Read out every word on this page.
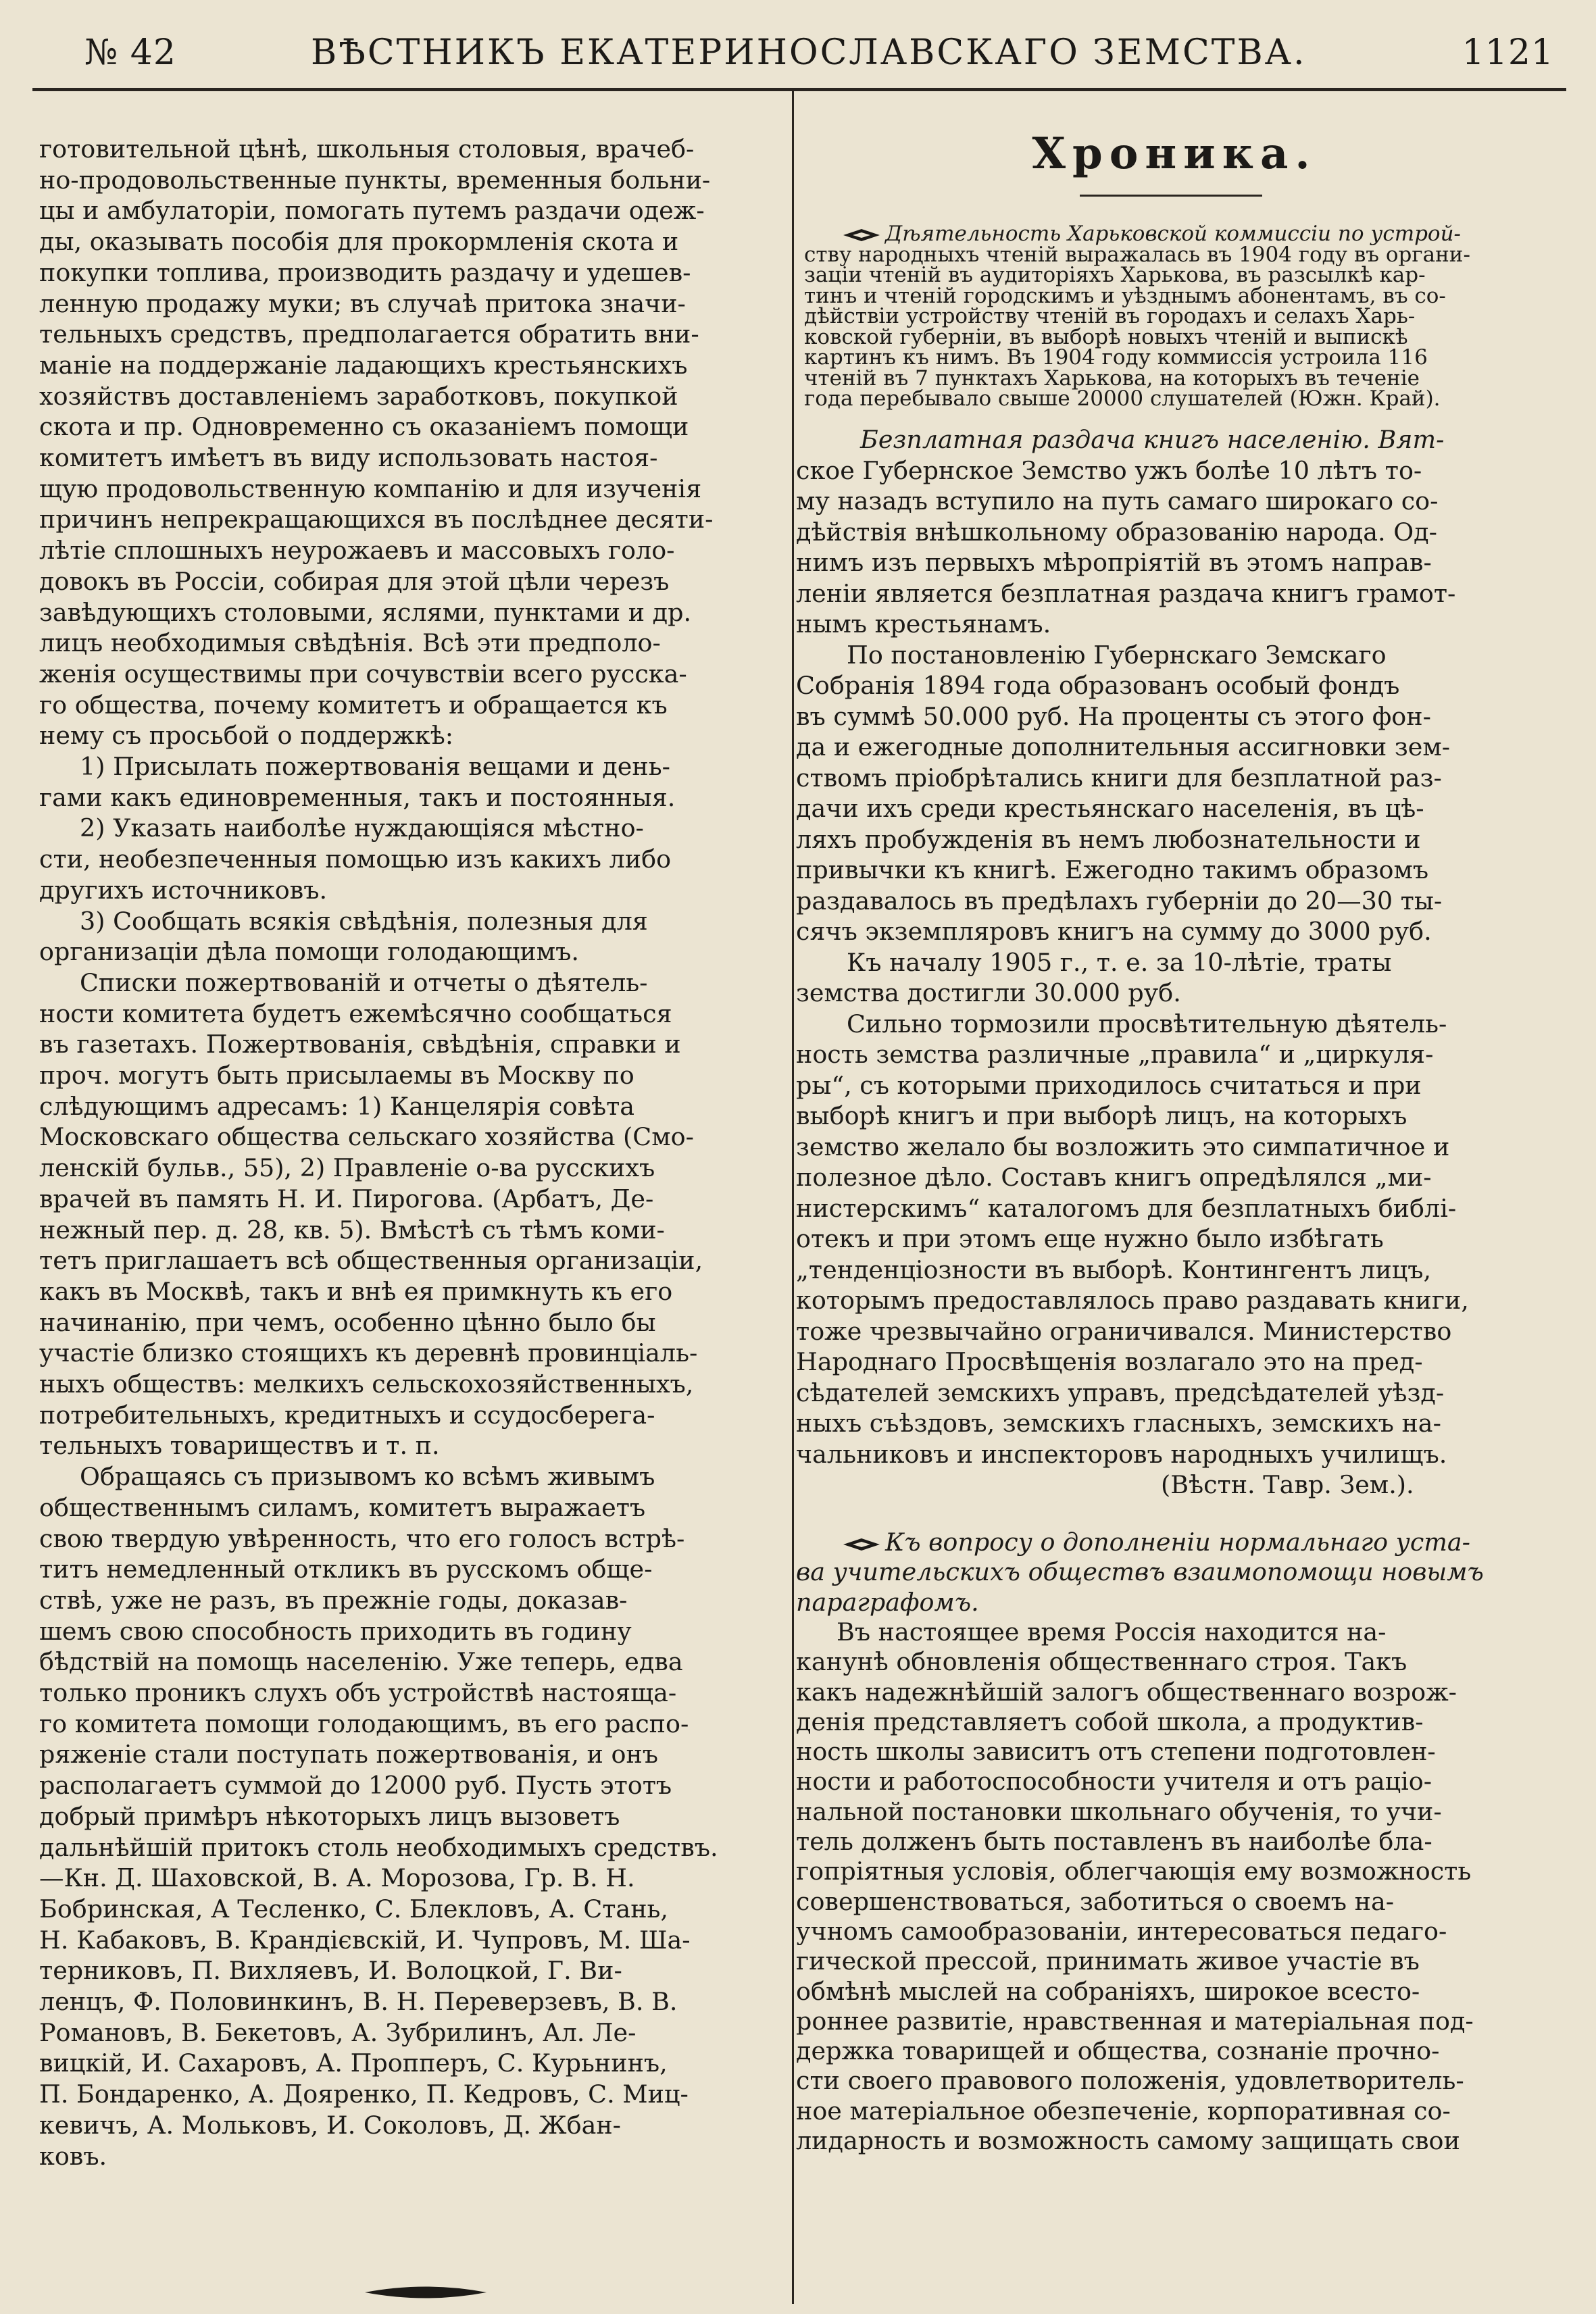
№ 42	ВѢСТНИКЪ ЕКАТЕРИНОСЛАВСКАГО ЗЕМСТВА.	1121
готовительной цѣнѣ, школьныя столовыя, врачеб-
но-продовольственные пункты, временныя больни-
цы и амбулаторіи, помогать путемъ раздачи одеж-
ды, оказывать пособія для прокормленія скота и
покупки топлива, производить раздачу и удешев-
ленную продажу муки; въ случаѣ притока значи-
тельныхъ средствъ, предполагается обратить вни-
маніе на поддержаніе ладающихъ крестьянскихъ
хозяйствъ доставленіемъ заработковъ, покупкой
скота и пр. Одновременно съ оказаніемъ помощи
комитетъ имѣетъ въ виду использовать настоя-
щую продовольственную компанію и для изученія
причинъ непрекращающихся въ послѣднее десяти-
лѣтіе сплошныхъ неурожаевъ и массовыхъ голо-
довокъ въ Россіи, собирая для этой цѣли черезъ
завѣдующихъ столовыми, яслями, пунктами и др.
лицъ необходимыя свѣдѣнія. Всѣ эти предполо-
женія осуществимы при сочувствіи всего русска-
го общества, почему комитетъ и обращается къ
нему съ просьбой о поддержкѣ:
1) Присылать пожертвованія вещами и день-
гами какъ единовременныя, такъ и постоянныя.
2) Указать наиболѣе нуждающіяся мѣстно-
сти, необезпеченныя помощью изъ какихъ либо
другихъ источниковъ.
3) Сообщать всякія свѣдѣнія, полезныя для
организаціи дѣла помощи голодающимъ.
Списки пожертвованій и отчеты о дѣятель-
ности комитета будетъ ежемѣсячно сообщаться
въ газетахъ. Пожертвованія, свѣдѣнія, справки и
проч. могутъ быть присылаемы въ Москву по
слѣдующимъ адресамъ: 1) Канцелярія совѣта
Московскаго общества сельскаго хозяйства (Смо-
ленскій бульв., 55), 2) Правленіе о-ва русскихъ
врачей въ память Н. И. Пирогова. (Арбатъ, Де-
нежный пер. д. 28, кв. 5). Вмѣстѣ съ тѣмъ коми-
тетъ приглашаетъ всѣ общественныя организаціи,
какъ въ Москвѣ, такъ и внѣ ея примкнуть къ его
начинанію, при чемъ, особенно цѣнно было бы
участіе близко стоящихъ къ деревнѣ провинціаль-
ныхъ обществъ: мелкихъ сельскохозяйственныхъ,
потребительныхъ, кредитныхъ и ссудосберега-
тельныхъ товариществъ и т. п.
Обращаясь съ призывомъ ко всѣмъ живымъ
общественнымъ силамъ, комитетъ выражаетъ
свою твердую увѣренность, что его голосъ встрѣ-
титъ немедленный откликъ въ русскомъ обще-
ствѣ, уже не разъ, въ прежніе годы, доказав-
шемъ свою способность приходить въ годину
бѣдствій на помощь населенію. Уже теперь, едва
только проникъ слухъ объ устройствѣ настояща-
го комитета помощи голодающимъ, въ его распо-
ряженіе стали поступать пожертвованія, и онъ
располагаетъ суммой до 12000 руб. Пусть этотъ
добрый примѣръ нѣкоторыхъ лицъ вызоветъ
дальнѣйшій притокъ столь необходимыхъ средствъ.
—Кн. Д. Шаховской, В. А. Морозова, Гр. В. Н.
Бобринская, А Тесленко, С. Блекловъ, А. Стань,
Н. Кабаковъ, В. Крандієвскій, И. Чупровъ, М. Ша-
терниковъ, П. Вихляевъ, И. Волоцкой, Г. Ви-
ленцъ, Ф. Половинкинъ, В. Н. Переверзевъ, В. В.
Романовъ, В. Бекетовъ, А. Зубрилинъ, Ал. Ле-
вицкій, И. Сахаровъ, А. Пропперъ, С. Курьнинъ,
П. Бондаренко, А. Дояренко, П. Кедровъ, С. Миц-
кевичъ, А. Мольковъ, И. Соколовъ, Д. Жбан-
ковъ.
Хроника.
Дѣятельность Харьковской коммиссіи по устрой-
ству народныхъ чтеній выражалась въ 1904 году въ органи-
заціи чтеній въ аудиторіяхъ Харькова, въ разсылкѣ кар-
тинъ и чтеній городскимъ и уѣзднымъ абонентамъ, въ со-
дѣйствіи устройству чтеній въ городахъ и селахъ Харь-
ковской губерніи, въ выборѣ новыхъ чтеній и выпискѣ
картинъ къ нимъ. Въ 1904 году коммиссія устроила 116
чтеній въ 7 пунктахъ Харькова, на которыхъ въ теченіе
года перебывало свыше 20000 слушателей (Южн. Край).
Безплатная раздача книгъ населенію. Вят-
ское Губернское Земство ужъ болѣе 10 лѣтъ то-
му назадъ вступило на путь самаго широкаго со-
дѣйствія внѣшкольному образованію народа. Од-
нимъ изъ первыхъ мѣропріятій въ этомъ направ-
леніи является безплатная раздача книгъ грамот-
нымъ крестьянамъ.
По постановленію Губернскаго Земскаго
Собранія 1894 года образованъ особый фондъ
въ суммѣ 50.000 руб. На проценты съ этого фон-
да и ежегодные дополнительныя ассигновки зем-
ствомъ пріобрѣтались книги для безплатной раз-
дачи ихъ среди крестьянскаго населенія, въ цѣ-
ляхъ пробужденія въ немъ любознательности и
привычки къ книгѣ. Ежегодно такимъ образомъ
раздавалось въ предѣлахъ губерніи до 20—30 ты-
сячъ экземпляровъ книгъ на сумму до 3000 руб.
Къ началу 1905 г., т. е. за 10-лѣтіе, траты
земства достигли 30.000 руб.
Сильно тормозили просвѣтительную дѣятель-
ность земства различные „правила“ и „циркуля-
ры“, съ которыми приходилось считаться и при
выборѣ книгъ и при выборѣ лицъ, на которыхъ
земство желало бы возложить это симпатичное и
полезное дѣло. Составъ книгъ опредѣлялся „ми-
нистерскимъ“ каталогомъ для безплатныхъ библі-
отекъ и при этомъ еще нужно было избѣгать
„тенденціозности въ выборѣ. Контингентъ лицъ,
которымъ предоставлялось право раздавать книги,
тоже чрезвычайно ограничивался. Министерство
Народнаго Просвѣщенія возлагало это на пред-
сѣдателей земскихъ управъ, предсѣдателей уѣзд-
ныхъ съѣздовъ, земскихъ гласныхъ, земскихъ на-
чальниковъ и инспекторовъ народныхъ училищъ.
(Вѣстн. Тавр. Зем.).
Къ вопросу о дополненіи нормальнаго уста-
ва учительскихъ обществъ взаимопомощи новымъ
параграфомъ.
Въ настоящее время Россія находится на-
канунѣ обновленія общественнаго строя. Такъ
какъ надежнѣйшій залогъ общественнаго возрож-
денія представляетъ собой школа, а продуктив-
ность школы зависитъ отъ степени подготовлен-
ности и работоспособности учителя и отъ раціо-
нальной постановки школьнаго обученія, то учи-
тель долженъ быть поставленъ въ наиболѣе бла-
гопріятныя условія, облегчающія ему возможность
совершенствоваться, заботиться о своемъ на-
учномъ самообразованіи, интересоваться педаго-
гической прессой, принимать живое участіе въ
обмѣнѣ мыслей на собраніяхъ, широкое всесто-
роннее развитіе, нравственная и матеріальная под-
держка товарищей и общества, сознаніе прочно-
сти своего правового положенія, удовлетворитель-
ное матеріальное обезпеченіе, корпоративная со-
лидарность и возможность самому защищать свои
